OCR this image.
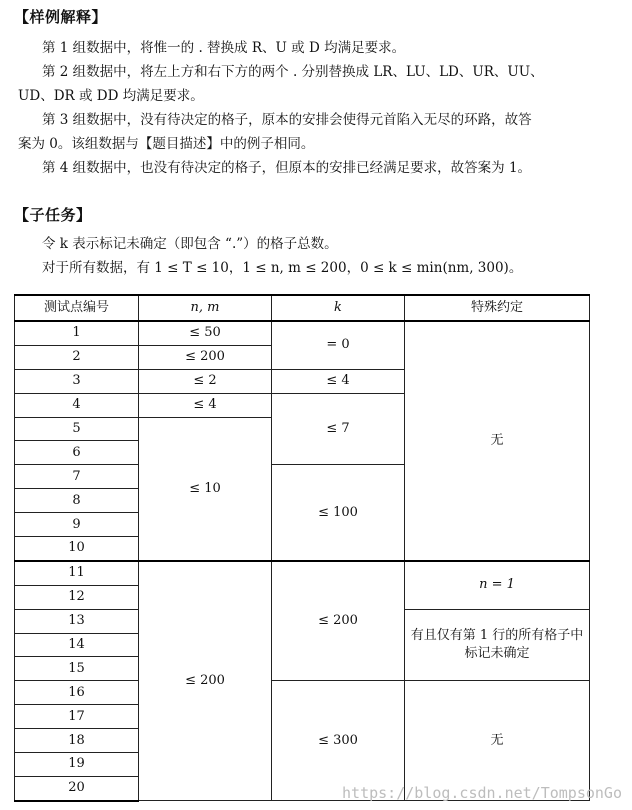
【样例解释】

第 1 组数据中，将惟一的 . 替换成 R、U 或 D 均满足要求。

第 2 组数据中，将左上方和右下方的两个 . 分别替换成 LR、LU、LD、UR、UU、

UD、DR 或 DD 均满足要求。

第 3 组数据中，没有待决定的格子，原本的安排会使得元首陷入无尽的环路，故答

案为 0。该组数据与【题目描述】中的例子相同。

第 4 组数据中，也没有待决定的格子，但原本的安排已经满足要求，故答案为 1。

【子任务】

令 k 表示标记未确定（即包含 “.”）的格子总数。

对于所有数据，有 1 ≤ T ≤ 10，1 ≤ n, m ≤ 200，0 ≤ k ≤ min(nm, 300)。

测试点编号	n, m	k	特殊约定
1	≤ 50	= 0	无
2	≤ 200		
3	≤ 2	≤ 4	
4	≤ 4	≤ 7	
5	≤ 10		
6			
7		≤ 100	
8			
9			
10			
11	≤ 200	≤ 200	n = 1
12			
13			有且仅有第 1 行的所有格子中标记未确定
14			
15			
16		≤ 300	无
17			
18			
19			
20				https://blog.csdn.net/TompsonGo
